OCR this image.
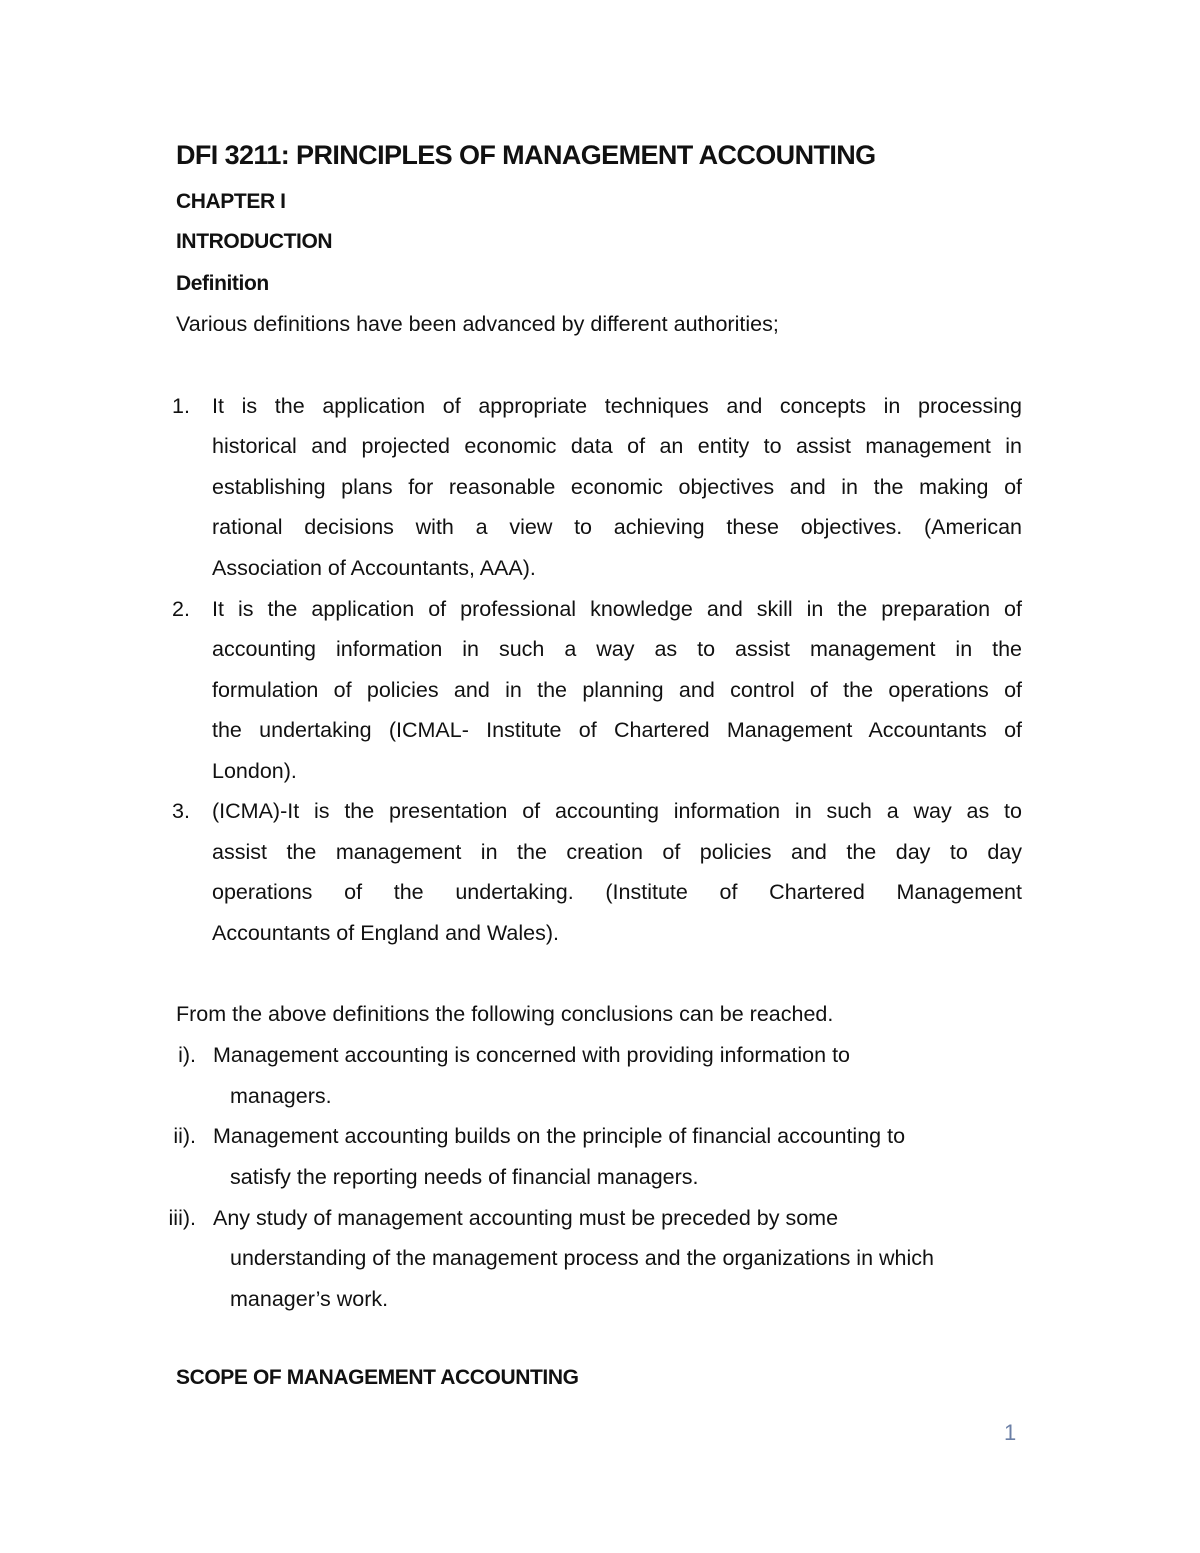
DFI 3211: PRINCIPLES OF MANAGEMENT ACCOUNTING
CHAPTER I
INTRODUCTION
Definition
Various definitions have been advanced by different authorities;
1. It is the application of appropriate techniques and concepts in processing
historical and projected economic data of an entity to assist management in
establishing plans for reasonable economic objectives and in the making of
rational decisions with a view to achieving these objectives. (American
Association of Accountants, AAA).
2. It is the application of professional knowledge and skill in the preparation of
accounting information in such a way as to assist management in the
formulation of policies and in the planning and control of the operations of
the undertaking (ICMAL- Institute of Chartered Management Accountants of
London).
3. (ICMA)-It is the presentation of accounting information in such a way as to
assist the management in the creation of policies and the day to day
operations of the undertaking. (Institute of Chartered Management
Accountants of England and Wales).
From the above definitions the following conclusions can be reached.
i). Management accounting is concerned with providing information to
managers.
ii). Management accounting builds on the principle of financial accounting to
satisfy the reporting needs of financial managers.
iii). Any study of management accounting must be preceded by some
understanding of the management process and the organizations in which
manager’s work.
SCOPE OF MANAGEMENT ACCOUNTING
1
